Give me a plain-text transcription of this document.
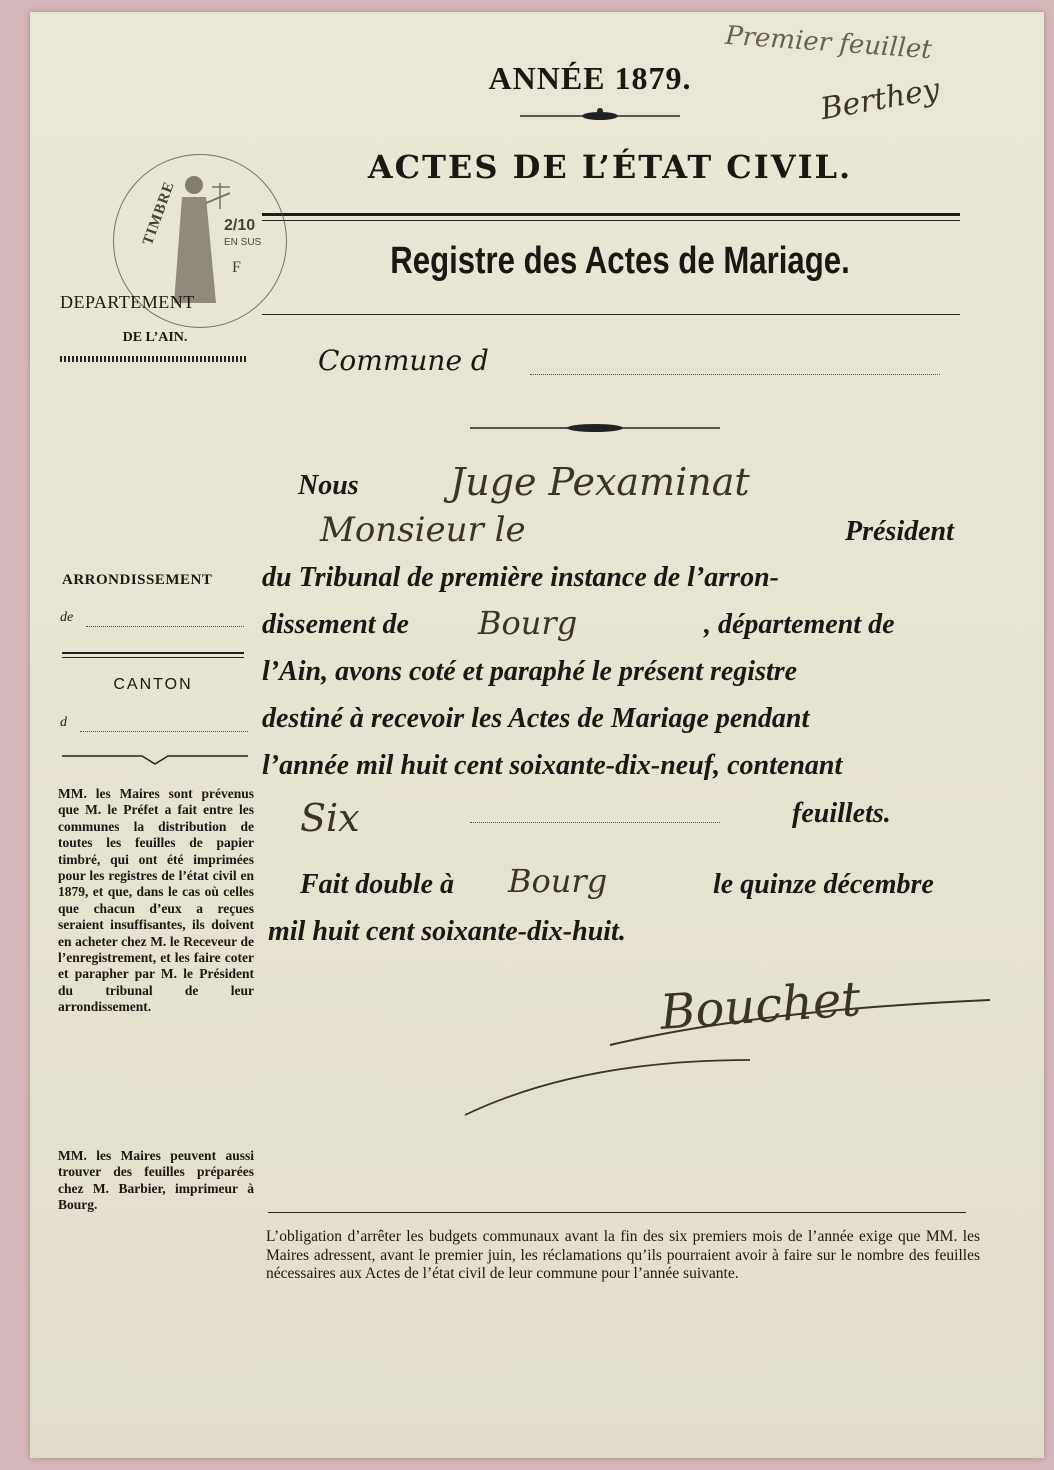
Premier feuillet
Berthey
ANNÉE 1879.
ACTES DE L’ÉTAT CIVIL.
Registre des Actes de Mariage.
TIMBRE	2/10
EN SUS
F
DEPARTEMENT
DE L’AIN.
ARRONDISSEMENT
de
CANTON
d
MM. les Maires sont prévenus que M. le Préfet a fait entre les communes la distribution de toutes les feuilles de papier timbré, qui ont été imprimées pour les registres de l’état civil en 1879, et que, dans le cas où celles que chacun d’eux a reçues seraient insuffisantes, ils doivent en acheter chez M. le Receveur de l’enregistrement, et les faire coter et parapher par M. le Président du tribunal de leur arrondissement.
MM. les Maires peuvent aussi trouver des feuilles préparées chez M. Barbier, imprimeur à Bourg.
Commune d
Nous Juge Pexaminat
Monsieur le	Président
du Tribunal de première instance de l’arron-
dissement de Bourg	, département de
l’Ain, avons coté et paraphé le présent registre
destiné à recevoir les Actes de Mariage pendant
l’année mil huit cent soixante-dix-neuf, contenant
Six	feuillets.
Fait double à Bourg	le quinze décembre
mil huit cent soixante-dix-huit.
Bouchet
L’obligation d’arrêter les budgets communaux avant la fin des six premiers mois de l’année exige que MM. les Maires adressent, avant le premier juin, les réclamations qu’ils pourraient avoir à faire sur le nombre des feuilles nécessaires aux Actes de l’état civil de leur commune pour l’année suivante.
